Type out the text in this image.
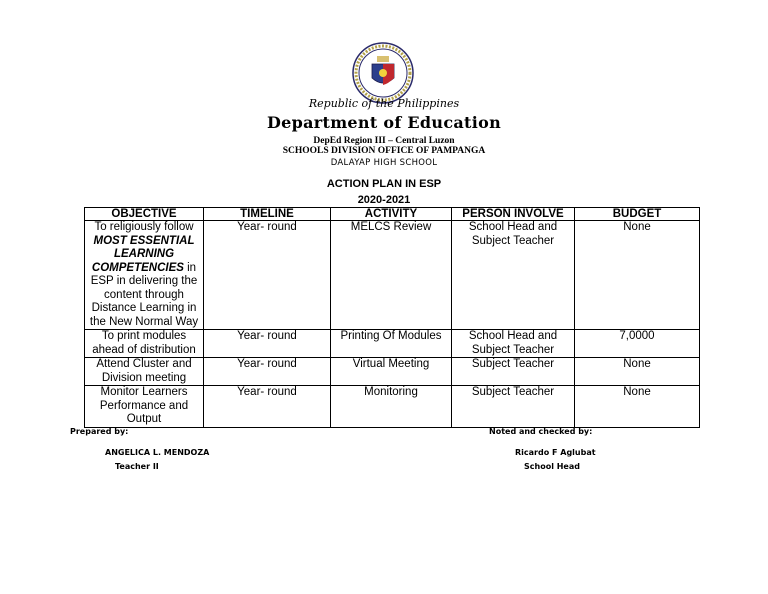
Republic of the Philippines
Department of Education
DepEd Region III – Central Luzon
SCHOOLS DIVISION OFFICE OF PAMPANGA
DALAYAP HIGH SCHOOL
ACTION PLAN IN ESP
2020-2021
OBJECTIVE	TIMELINE	ACTIVITY	PERSON INVOLVE	BUDGET
To religiously follow MOST ESSENTIAL LEARNING COMPETENCIES in ESP in delivering the content through Distance Learning in the New Normal Way	Year- round	MELCS Review	School Head and Subject Teacher	None
To print modules ahead of distribution	Year- round	Printing Of Modules	School Head and Subject Teacher	7,0000
Attend Cluster and Division meeting	Year- round	Virtual Meeting	Subject Teacher	None
Monitor Learners Performance and Output	Year- round	Monitoring	Subject Teacher	None
Prepared by:
ANGELICA L. MENDOZA
Teacher II
Noted and checked by:
Ricardo F Aglubat
School Head
